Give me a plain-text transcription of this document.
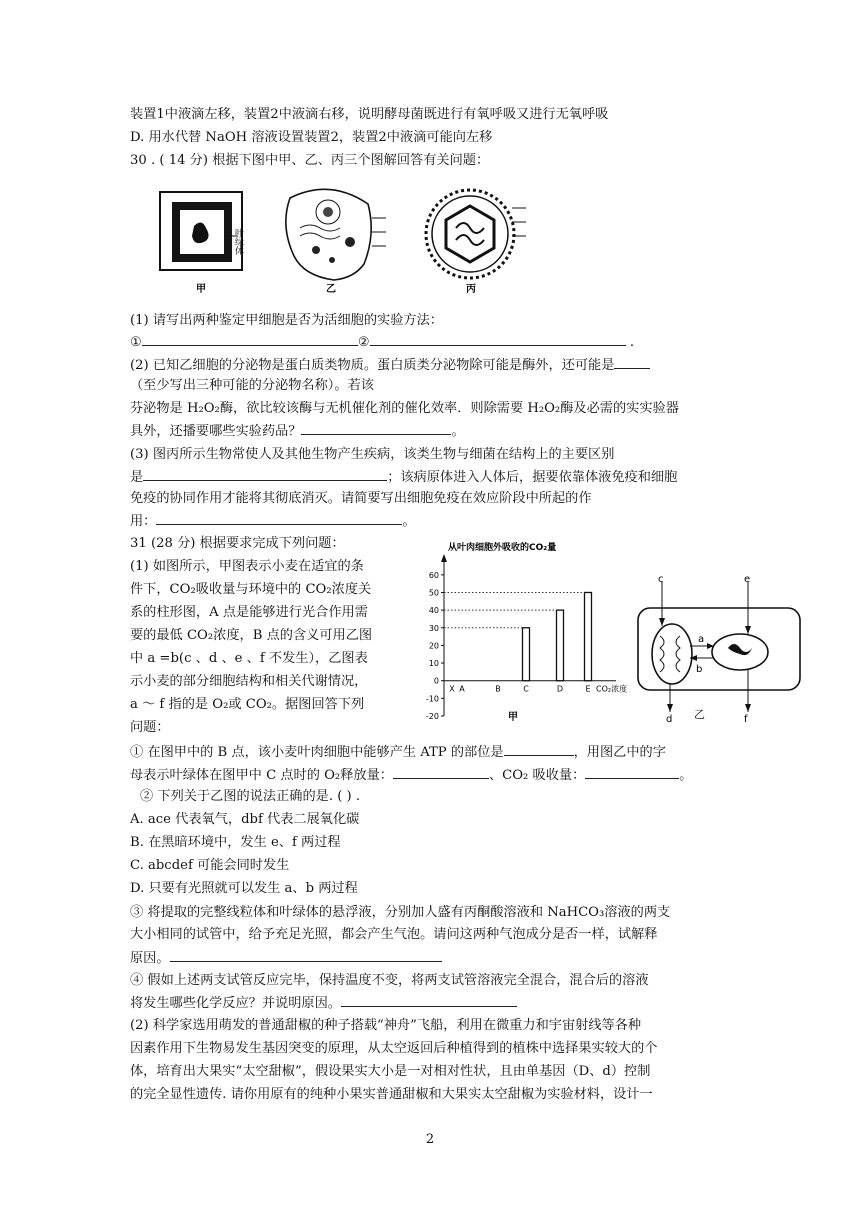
装置1中液滴左移，装置2中液滴右移，说明酵母菌既进行有氧呼吸又进行无氧呼吸
D. 用水代替 NaOH 溶液设置装置2，装置2中液滴可能向左移
30 . ( 14 分) 根据下图中甲、乙、丙三个图解回答有关问题：
叶绿体
甲	乙	丙
(1) 请写出两种鉴定甲细胞是否为活细胞的实验方法：
①	②	.
(2) 已知乙细胞的分泌物是蛋白质类物质。蛋白质类分泌物除可能是酶外，还可能是
（至少写出三种可能的分泌物名称）。若该
芬泌物是 H₂O₂酶，欲比较该酶与无机催化剂的催化效率．则除需要 H₂O₂酶及必需的实实验器
具外，还播要哪些实验药品？	。
(3) 图丙所示生物常使人及其他生物产生疾病，该类生物与细菌在结构上的主要区别
是	；该病原体进入人体后，据要依靠体液免疫和细胞
免疫的协同作用才能将其彻底消灭。请简要写出细胞免疫在效应阶段中所起的作
用：	。
31 (28 分) 根据要求完成下列问题：
(1) 如图所示，甲图表示小麦在适宜的条
件下，CO₂吸收量与环境中的 CO₂浓度关
系的柱形图，A 点是能够进行光合作用需
要的最低 CO₂浓度，B 点的含义可用乙图
中 a =b(c 、d 、e 、f 不发生），乙图表
示小麦的部分细胞结构和相关代谢情况，
a ～ f 指的是 O₂或 CO₂。据图回答下列
问题：
从叶肉细胞外吸收的CO₂量
-20
-10
0
10
20
30
40
50
60
X A	B	C	D	E CO₂浓度
甲
c	e
a
b
d	f
乙
① 在图甲中的 B 点，该小麦叶肉细胞中能够产生 ATP 的部位是	，用图乙中的字
母表示叶绿体在图甲中 C 点时的 O₂释放量：	、CO₂ 吸收量：	。
② 下列关于乙图的说法正确的是. ( ) .
A. ace 代表氧气，dbf 代表二展氧化碳
B. 在黑暗环境中，发生 e、f 两过程
C. abcdef 可能会同时发生
D. 只要有光照就可以发生 a、b 两过程
③ 将提取的完整线粒体和叶绿体的悬浮液，分别加人盛有丙酮酸溶液和 NaHCO₃溶液的两支
大小相同的试管中，给予充足光照，都会产生气泡。请问这两种气泡成分是否一样，试解释
原因。
④ 假如上述两支试管反应完毕，保持温度不变，将两支试管溶液完全混合，混合后的溶液
将发生哪些化学反应？并说明原因。
(2) 科学家选用萌发的普通甜椒的种子搭载“神舟”飞船，利用在微重力和宇宙射线等各种
因素作用下生物易发生基因突变的原理，从太空返回后种植得到的植株中选择果实较大的个
体，培育出大果实“太空甜椒”，假设果实大小是一对相对性状，且由单基因（D、d）控制
的完全显性遗传. 请你用原有的纯种小果实普通甜椒和大果实太空甜椒为实验材料，设计一
2
